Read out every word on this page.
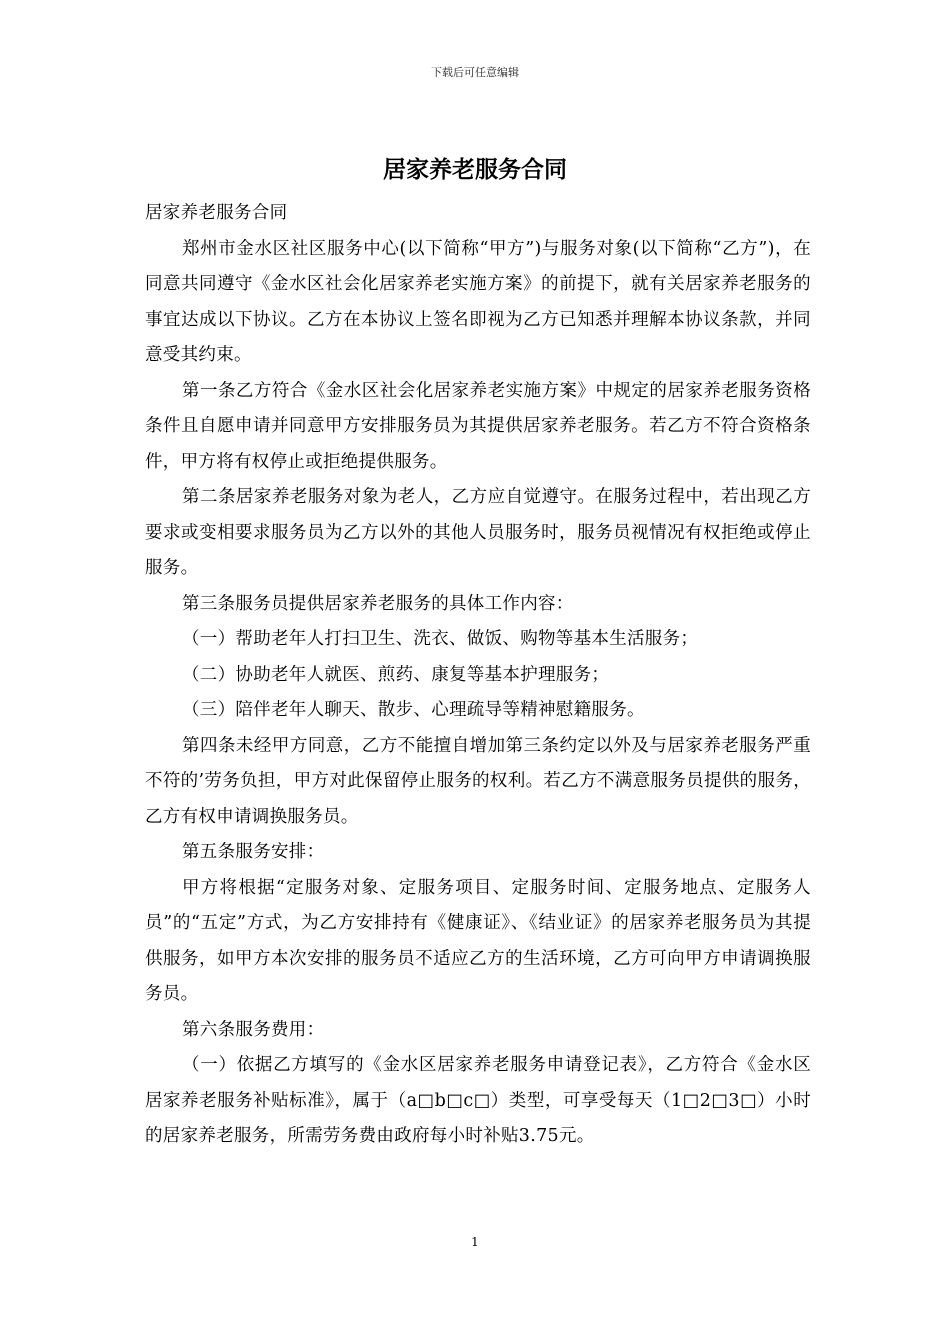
下载后可任意编辑
居家养老服务合同

居家养老服务合同

郑州市金水区社区服务中心(以下简称“甲方”)与服务对象(以下简称“乙方”)，在同意共同遵守《金水区社会化居家养老实施方案》的前提下，就有关居家养老服务的事宜达成以下协议。乙方在本协议上签名即视为乙方已知悉并理解本协议条款，并同意受其约束。

第一条乙方符合《金水区社会化居家养老实施方案》中规定的居家养老服务资格条件且自愿申请并同意甲方安排服务员为其提供居家养老服务。若乙方不符合资格条件，甲方将有权停止或拒绝提供服务。

第二条居家养老服务对象为老人，乙方应自觉遵守。在服务过程中，若出现乙方要求或变相要求服务员为乙方以外的其他人员服务时，服务员视情况有权拒绝或停止服务。

第三条服务员提供居家养老服务的具体工作内容：

（一）帮助老年人打扫卫生、洗衣、做饭、购物等基本生活服务；

（二）协助老年人就医、煎药、康复等基本护理服务；

（三）陪伴老年人聊天、散步、心理疏导等精神慰籍服务。

第四条未经甲方同意，乙方不能擅自增加第三条约定以外及与居家养老服务严重不符的’劳务负担，甲方对此保留停止服务的权利。若乙方不满意服务员提供的服务，乙方有权申请调换服务员。

第五条服务安排：

甲方将根据“定服务对象、定服务项目、定服务时间、定服务地点、定服务人员”的“五定”方式，为乙方安排持有《健康证》、《结业证》的居家养老服务员为其提供服务，如甲方本次安排的服务员不适应乙方的生活环境，乙方可向甲方申请调换服务员。

第六条服务费用：

（一）依据乙方填写的《金水区居家养老服务申请登记表》，乙方符合《金水区居家养老服务补贴标准》，属于（a□b□c□）类型，可享受每天（1□2□3□）小时的居家养老服务，所需劳务费由政府每小时补贴3.75元。

1
